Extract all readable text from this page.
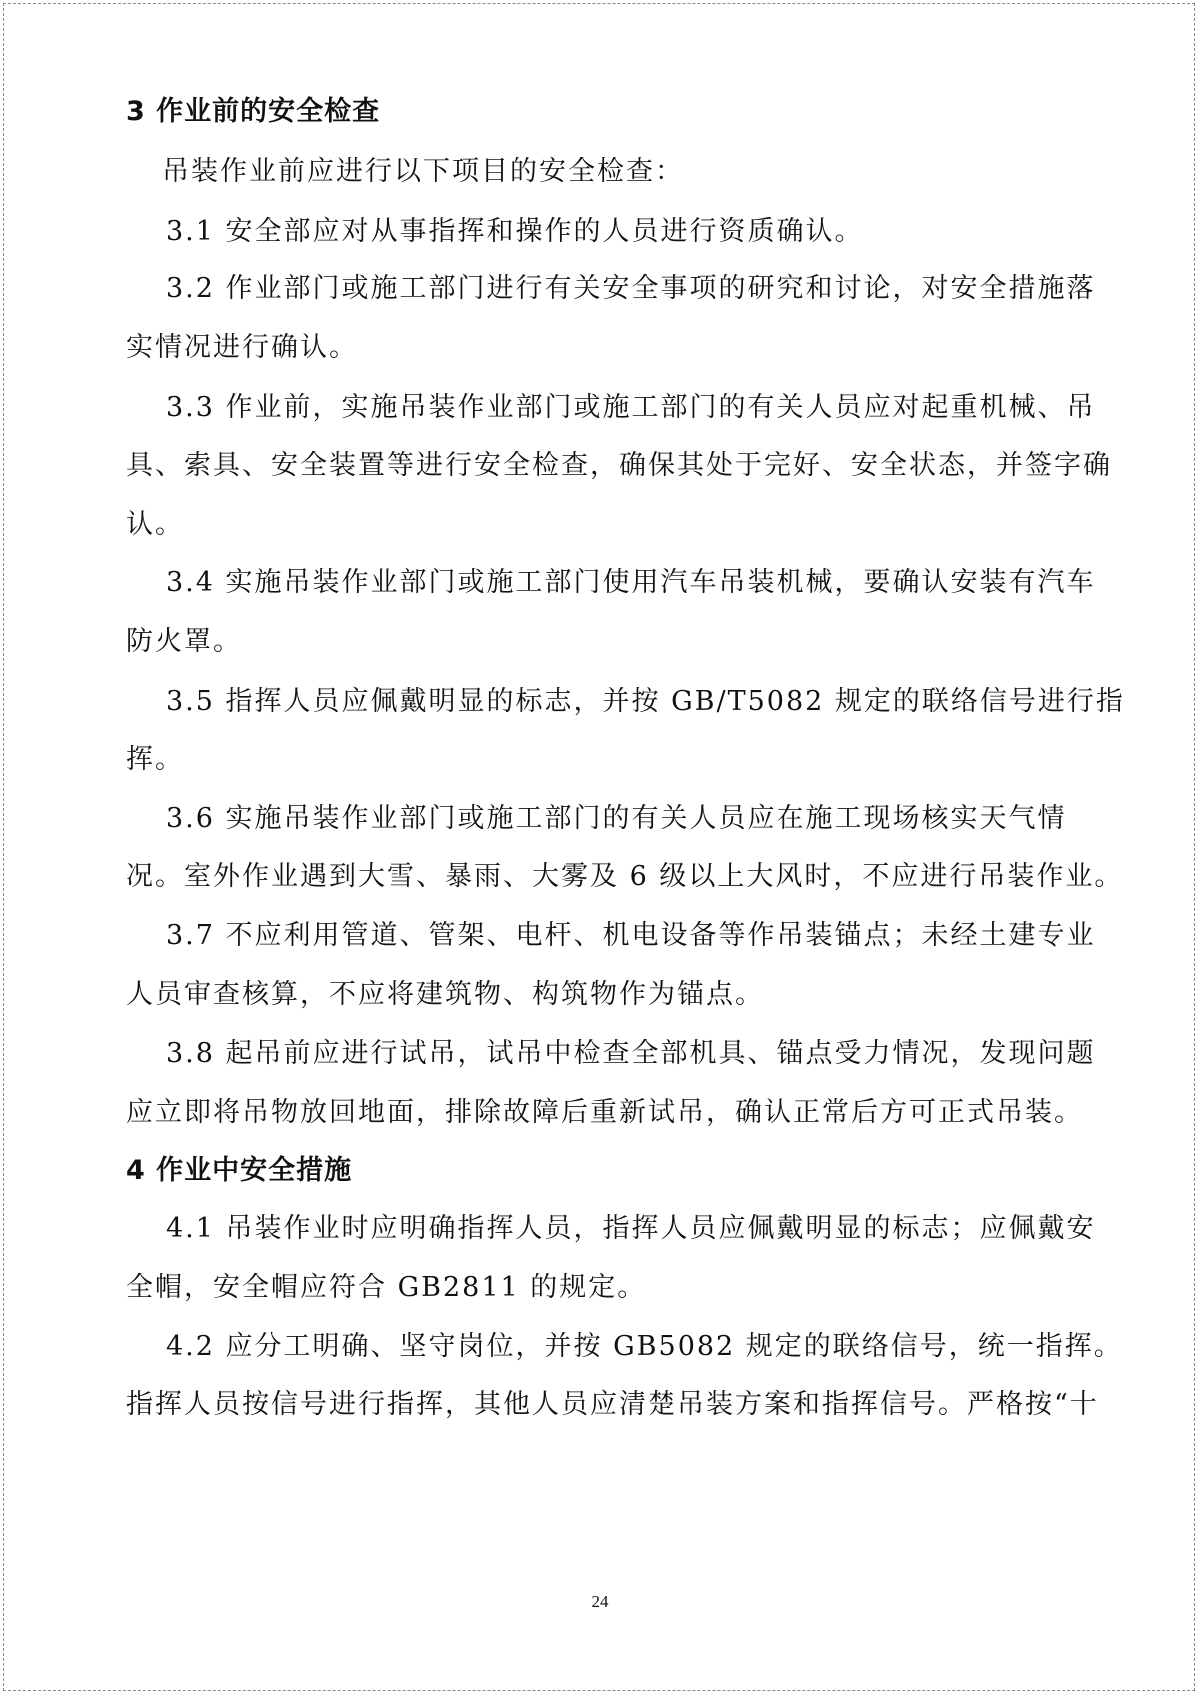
3 作业前的安全检查
吊装作业前应进行以下项目的安全检查：
3.1 安全部应对从事指挥和操作的人员进行资质确认。
3.2 作业部门或施工部门进行有关安全事项的研究和讨论，对安全措施落
实情况进行确认。
3.3 作业前，实施吊装作业部门或施工部门的有关人员应对起重机械、吊
具、索具、安全装置等进行安全检查，确保其处于完好、安全状态，并签字确
认。
3.4 实施吊装作业部门或施工部门使用汽车吊装机械，要确认安装有汽车
防火罩。
3.5 指挥人员应佩戴明显的标志，并按 GB/T5082 规定的联络信号进行指
挥。
3.6 实施吊装作业部门或施工部门的有关人员应在施工现场核实天气情
况。室外作业遇到大雪、暴雨、大雾及 6 级以上大风时，不应进行吊装作业。
3.7 不应利用管道、管架、电杆、机电设备等作吊装锚点；未经土建专业
人员审查核算，不应将建筑物、构筑物作为锚点。
3.8 起吊前应进行试吊，试吊中检查全部机具、锚点受力情况，发现问题
应立即将吊物放回地面，排除故障后重新试吊，确认正常后方可正式吊装。
4 作业中安全措施
4.1 吊装作业时应明确指挥人员，指挥人员应佩戴明显的标志；应佩戴安
全帽，安全帽应符合 GB2811 的规定。
4.2 应分工明确、坚守岗位，并按 GB5082 规定的联络信号，统一指挥。
指挥人员按信号进行指挥，其他人员应清楚吊装方案和指挥信号。严格按“十
24
